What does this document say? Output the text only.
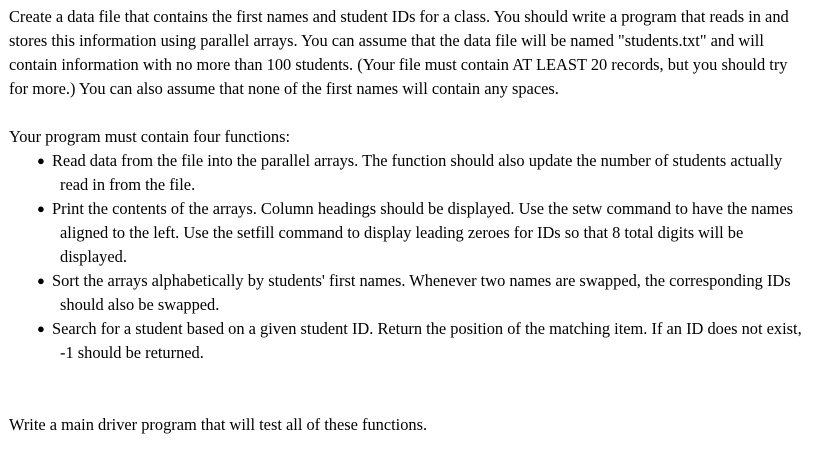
Create a data file that contains the first names and student IDs for a class. You should write a program that reads in and stores this information using parallel arrays. You can assume that the data file will be named "students.txt" and will contain information with no more than 100 students. (Your file must contain AT LEAST 20 records, but you should try for more.) You can also assume that none of the first names will contain any spaces.

Your program must contain four functions:

● Read data from the file into the parallel arrays. The function should also update the number of students actually read in from the file.
● Print the contents of the arrays. Column headings should be displayed. Use the setw command to have the names aligned to the left. Use the setfill command to display leading zeroes for IDs so that 8 total digits will be displayed.
● Sort the arrays alphabetically by students' first names. Whenever two names are swapped, the corresponding IDs should also be swapped.
● Search for a student based on a given student ID. Return the position of the matching item. If an ID does not exist, -1 should be returned.

Write a main driver program that will test all of these functions.
